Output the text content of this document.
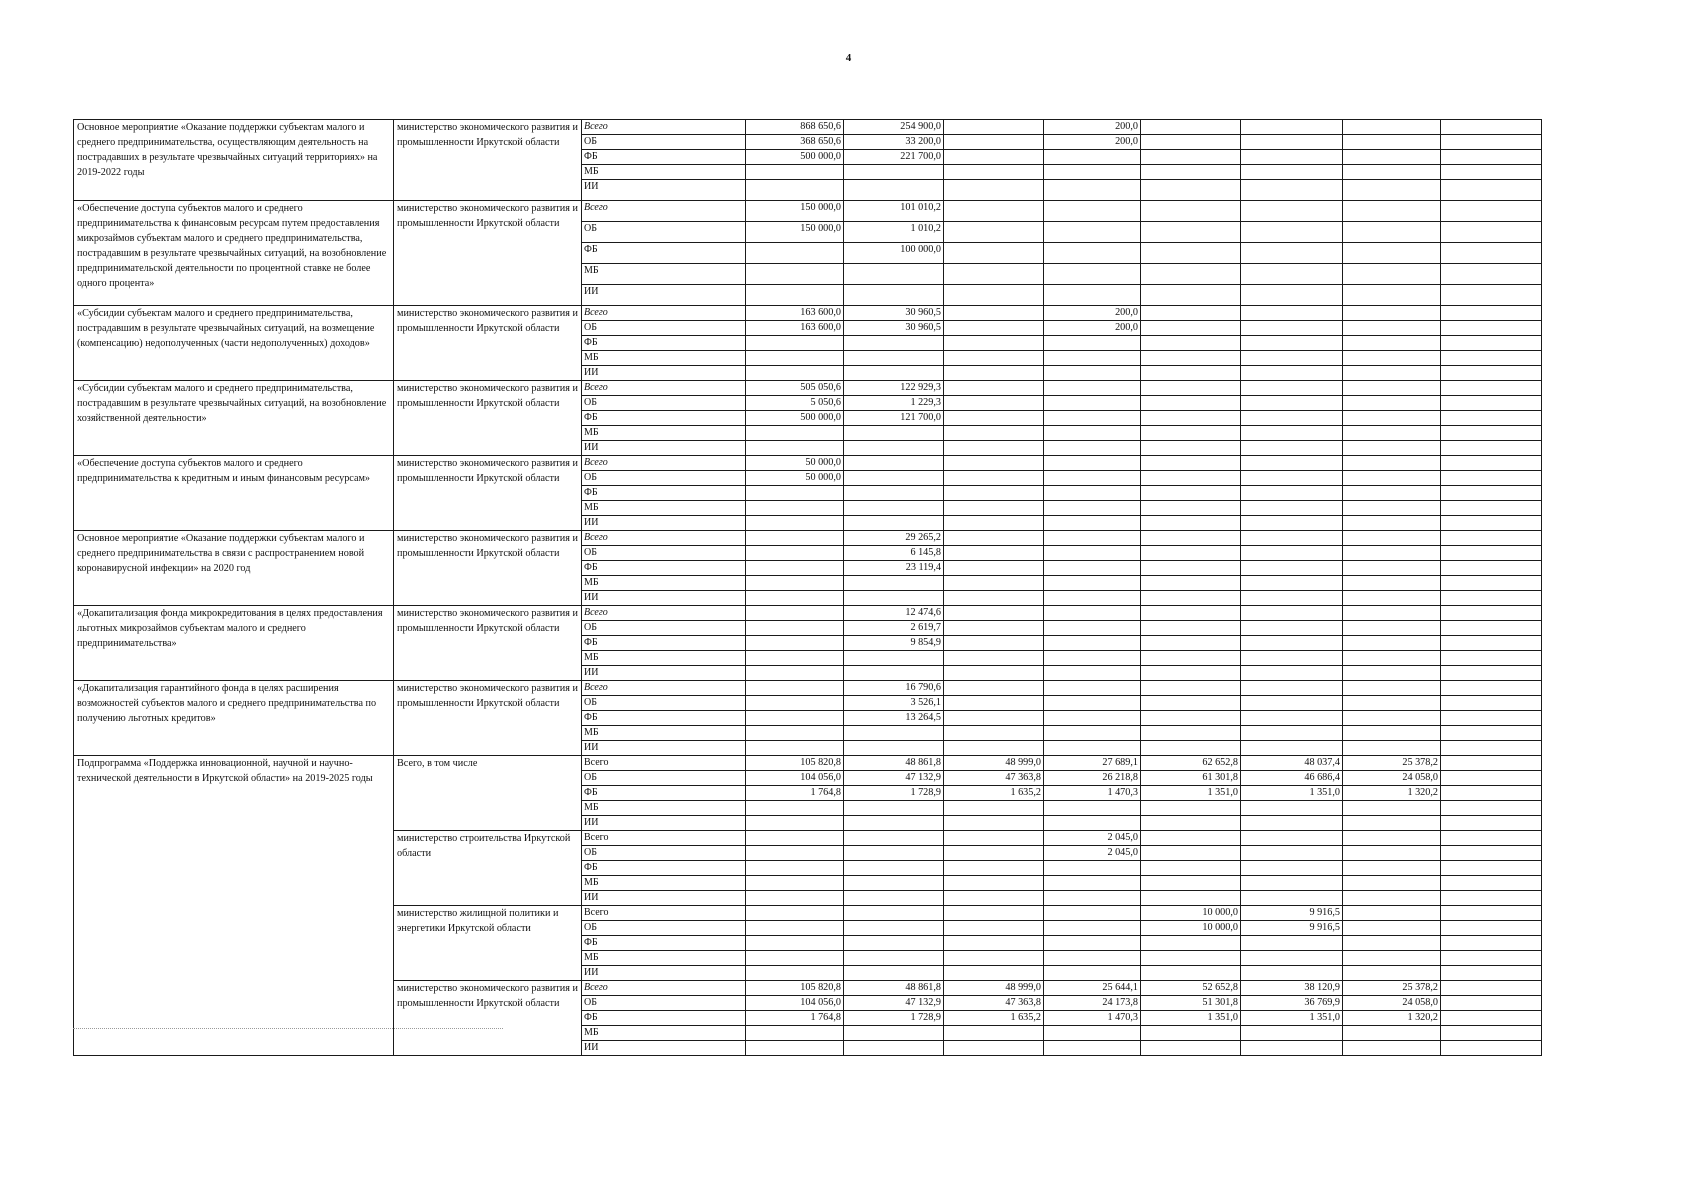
4
Основное мероприятие «Оказание поддержки субъектам малого и среднего предпринимательства, осуществляющим деятельность на пострадавших в результате чрезвычайных ситуаций территориях» на 2019-2022 годы	министерство экономического развития и промышленности Иркутской области	Всего	868 650,6	254 900,0		200,0				
		ОБ	368 650,6	33 200,0		200,0				
		ФБ	500 000,0	221 700,0						
		МБ								
		ИИ								
«Обеспечение доступа субъектов малого и среднего предпринимательства к финансовым ресурсам путем предоставления микрозаймов субъектам малого и среднего предпринимательства, пострадавшим в результате чрезвычайных ситуаций, на возобновление предпринимательской деятельности по процентной ставке не более одного процента»	министерство экономического развития и промышленности Иркутской области	Всего	150 000,0	101 010,2						
		ОБ	150 000,0	1 010,2						
		ФБ		100 000,0						
		МБ								
		ИИ								
«Субсидии субъектам малого и среднего предпринимательства, пострадавшим в результате чрезвычайных ситуаций, на возмещение (компенсацию) недополученных (части недополученных) доходов»	министерство экономического развития и промышленности Иркутской области	Всего	163 600,0	30 960,5		200,0				
		ОБ	163 600,0	30 960,5		200,0				
		ФБ								
		МБ								
		ИИ								
«Субсидии субъектам малого и среднего предпринимательства, пострадавшим в результате чрезвычайных ситуаций, на возобновление хозяйственной деятельности»	министерство экономического развития и промышленности Иркутской области	Всего	505 050,6	122 929,3						
		ОБ	5 050,6	1 229,3						
		ФБ	500 000,0	121 700,0						
		МБ								
		ИИ								
«Обеспечение доступа субъектов малого и среднего предпринимательства к кредитным и иным финансовым ресурсам»	министерство экономического развития и промышленности Иркутской области	Всего	50 000,0							
		ОБ	50 000,0							
		ФБ								
		МБ								
		ИИ								
Основное мероприятие «Оказание поддержки субъектам малого и среднего предпринимательства в связи с распространением новой коронавирусной инфекции» на 2020 год	министерство экономического развития и промышленности Иркутской области	Всего		29 265,2						
		ОБ		6 145,8						
		ФБ		23 119,4						
		МБ								
		ИИ								
«Докапитализация фонда микрокредитования в целях предоставления льготных микрозаймов субъектам малого и среднего предпринимательства»	министерство экономического развития и промышленности Иркутской области	Всего		12 474,6						
		ОБ		2 619,7						
		ФБ		9 854,9						
		МБ								
		ИИ								
«Докапитализация гарантийного фонда в целях расширения возможностей субъектов малого и среднего предпринимательства по получению льготных кредитов»	министерство экономического развития и промышленности Иркутской области	Всего		16 790,6						
		ОБ		3 526,1						
		ФБ		13 264,5						
		МБ								
		ИИ								
Подпрограмма «Поддержка инновационной, научной и научно-технической деятельности в Иркутской области» на 2019-2025 годы	Всего, в том числе	Всего	105 820,8	48 861,8	48 999,0	27 689,1	62 652,8	48 037,4	25 378,2	
		ОБ	104 056,0	47 132,9	47 363,8	26 218,8	61 301,8	46 686,4	24 058,0	
		ФБ	1 764,8	1 728,9	1 635,2	1 470,3	1 351,0	1 351,0	1 320,2	
		МБ								
		ИИ								
	министерство строительства Иркутской области	Всего				2 045,0				
		ОБ				2 045,0				
		ФБ								
		МБ								
		ИИ								
	министерство жилищной политики и энергетики Иркутской области	Всего					10 000,0	9 916,5		
		ОБ					10 000,0	9 916,5		
		ФБ								
		МБ								
		ИИ								
	министерство экономического развития и промышленности Иркутской области	Всего	105 820,8	48 861,8	48 999,0	25 644,1	52 652,8	38 120,9	25 378,2	
		ОБ	104 056,0	47 132,9	47 363,8	24 173,8	51 301,8	36 769,9	24 058,0	
		ФБ	1 764,8	1 728,9	1 635,2	1 470,3	1 351,0	1 351,0	1 320,2	
		МБ								
		ИИ								
